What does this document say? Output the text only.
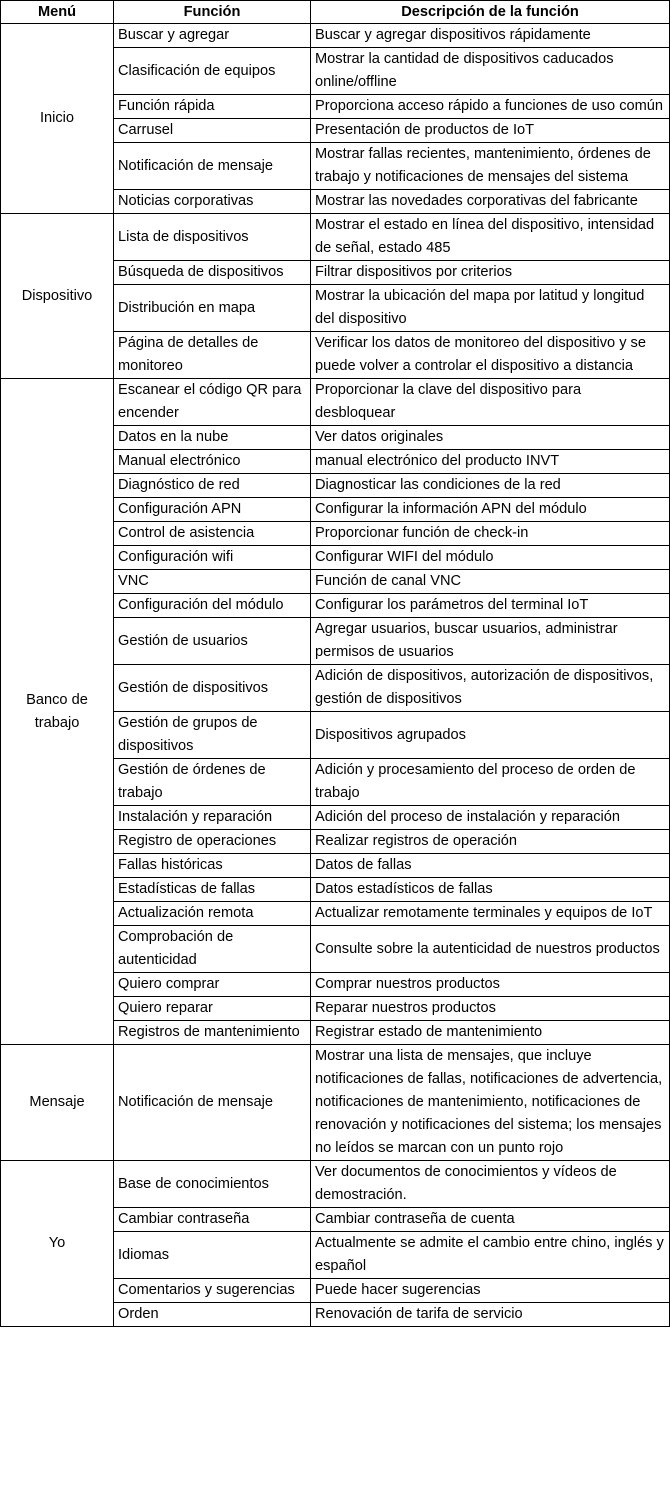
Menú	Función	Descripción de la función
Inicio	Buscar y agregar	Buscar y agregar dispositivos rápidamente
	Clasificación de equipos	Mostrar la cantidad de dispositivos caducados online/offline
	Función rápida	Proporciona acceso rápido a funciones de uso común
	Carrusel	Presentación de productos de IoT
	Notificación de mensaje	Mostrar fallas recientes, mantenimiento, órdenes de trabajo y notificaciones de mensajes del sistema
	Noticias corporativas	Mostrar las novedades corporativas del fabricante
Dispositivo	Lista de dispositivos	Mostrar el estado en línea del dispositivo, intensidad de señal, estado 485
	Búsqueda de dispositivos	Filtrar dispositivos por criterios
	Distribución en mapa	Mostrar la ubicación del mapa por latitud y longitud del dispositivo
	Página de detalles de monitoreo	Verificar los datos de monitoreo del dispositivo y se puede volver a controlar el dispositivo a distancia
Banco de trabajo	Escanear el código QR para encender	Proporcionar la clave del dispositivo para desbloquear
	Datos en la nube	Ver datos originales
	Manual electrónico	manual electrónico del producto INVT
	Diagnóstico de red	Diagnosticar las condiciones de la red
	Configuración APN	Configurar la información APN del módulo
	Control de asistencia	Proporcionar función de check-in
	Configuración wifi	Configurar WIFI del módulo
	VNC	Función de canal VNC
	Configuración del módulo	Configurar los parámetros del terminal IoT
	Gestión de usuarios	Agregar usuarios, buscar usuarios, administrar permisos de usuarios
	Gestión de dispositivos	Adición de dispositivos, autorización de dispositivos, gestión de dispositivos
	Gestión de grupos de dispositivos	Dispositivos agrupados
	Gestión de órdenes de trabajo	Adición y procesamiento del proceso de orden de trabajo
	Instalación y reparación	Adición del proceso de instalación y reparación
	Registro de operaciones	Realizar registros de operación
	Fallas históricas	Datos de fallas
	Estadísticas de fallas	Datos estadísticos de fallas
	Actualización remota	Actualizar remotamente terminales y equipos de IoT
	Comprobación de autenticidad	Consulte sobre la autenticidad de nuestros productos
	Quiero comprar	Comprar nuestros productos
	Quiero reparar	Reparar nuestros productos
	Registros de mantenimiento	Registrar estado de mantenimiento
Mensaje	Notificación de mensaje	Mostrar una lista de mensajes, que incluye notificaciones de fallas, notificaciones de advertencia, notificaciones de mantenimiento, notificaciones de renovación y notificaciones del sistema; los mensajes no leídos se marcan con un punto rojo
Yo	Base de conocimientos	Ver documentos de conocimientos y vídeos de demostración.
	Cambiar contraseña	Cambiar contraseña de cuenta
	Idiomas	Actualmente se admite el cambio entre chino, inglés y español
	Comentarios y sugerencias	Puede hacer sugerencias
	Orden	Renovación de tarifa de servicio
